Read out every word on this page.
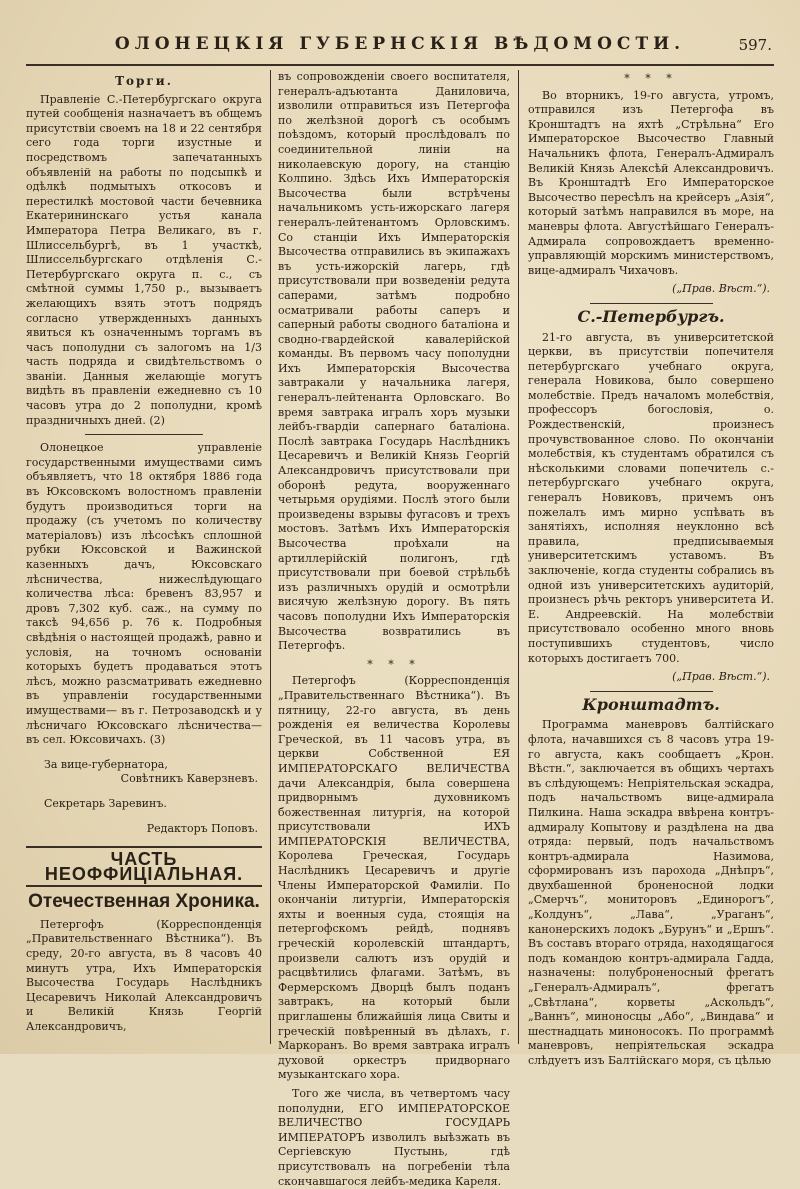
ОЛОНЕЦКІЯ ГУБЕРНСКІЯ ВѢДОМОСТИ.	597.
Торги.

Правленіе С.-Петербургскаго округа путей сообщенія назначаетъ въ общемъ присутствіи своемъ на 18 и 22 сентября сего года торги изустные и посредствомъ запечатанныхъ объявленій на работы по подсыпкѣ и одѣлкѣ подмытыхъ откосовъ и перестилкѣ мостовой части бечевника Екатерининскаго устья канала Императора Петра Великаго, въ г. Шлиссельбургѣ, въ 1 участкѣ, Шлиссельбургскаго отдѣленія С.-Петербургскаго округа п. с., съ смѣтной суммы 1,750 р., вызываетъ желающихъ взять этотъ подрядъ согласно утвержденныхъ данныхъ явиться къ означеннымъ торгамъ въ часъ пополудни съ залогомъ на 1/3 часть подряда и свидѣтельствомъ о званіи. Данныя желающіе могутъ видѣть въ правленіи ежедневно съ 10 часовъ утра до 2 пополудни, кромѣ праздничныхъ дней. (2)

Олонецкое управленіе государственными имуществами симъ объявляетъ, что 18 октября 1886 года въ Юксовскомъ волостномъ правленіи будутъ производиться торги на продажу (съ учетомъ по количеству матеріаловъ) изъ лѣсосѣкъ сплошной рубки Юксовской и Важинской казенныхъ дачъ, Юксовскаго лѣсничества, нижеслѣдующаго количества лѣса: бревенъ 83,957 и дровъ 7,302 куб. саж., на сумму по таксѣ 94,656 р. 76 к. Подробныя свѣдѣнія о настоящей продажѣ, равно и условія, на точномъ основаніи которыхъ будетъ продаваться этотъ лѣсъ, можно разсматривать ежедневно въ управленіи государственными имуществами— въ г. Петрозаводскѣ и у лѣсничаго Юксовскаго лѣсничества—въ сел. Юксовичахъ. (3)

За вице-губернатора,

Совѣтникъ Каверзневъ.

Секретарь Заревинъ.

Редакторъ Поповъ.

ЧАСТЬ НЕОФФИЦІАЛЬНАЯ.
Отечественная Хроника.

Петергофъ (Корреспонденція „Правительственнаго Вѣстника“). Въ среду, 20-го августа, въ 8 часовъ 40 минутъ утра, Ихъ Императорскія Высочества Государь Наслѣдникъ Цесаревичъ Николай Александровичъ и Великій Князь Георгій Александровичъ,

въ сопровожденіи своего воспитателя, генералъ-адъютанта Даниловича, изволили отправиться изъ Петергофа по желѣзной дорогѣ съ особымъ поѣздомъ, который прослѣдовалъ по соединительной линіи на николаевскую дорогу, на станцію Колпино. Здѣсь Ихъ Императорскія Высочества были встрѣчены начальникомъ усть-ижорскаго лагеря генералъ-лейтенантомъ Орловскимъ. Со станціи Ихъ Императорскія Высочества отправились въ экипажахъ въ усть-ижорскій лагерь, гдѣ присутствовали при возведеніи редута саперами, затѣмъ подробно осматривали работы саперъ и саперный работы сводного баталіона и сводно-гвардейской кавалерійской команды. Въ первомъ часу пополудни Ихъ Императорскія Высочества завтракали у начальника лагеря, генералъ-лейтенанта Орловскаго. Во время завтрака игралъ хоръ музыки лейбъ-гвардіи сапернаго баталіона. Послѣ завтрака Государь Наслѣдникъ Цесаревичъ и Великій Князь Георгій Александровичъ присутствовали при оборонѣ редута, вооруженнаго четырьмя орудіями. Послѣ этого были произведены взрывы фугасовъ и трехъ мостовъ. Затѣмъ Ихъ Императорскія Высочества проѣхали на артиллерійскій полигонъ, гдѣ присутствовали при боевой стрѣльбѣ изъ различныхъ орудій и осмотрѣли висячую желѣзную дорогу. Въ пять часовъ пополудни Ихъ Императорскія Высочества возвратились въ Петергофъ.

* * *

Петергофъ (Корреспонденція „Правительственнаго Вѣстника“). Въ пятницу, 22-го августа, въ день рожденія ея величества Королевы Греческой, въ 11 часовъ утра, въ церкви Собственной ЕЯ ИМПЕРАТОРСКАГО ВЕЛИЧЕСТВА дачи Александрія, была совершена придворнымъ духовникомъ божественная литургія, на которой присутствовали ИХЪ ИМПЕРАТОРСКІЯ ВЕЛИЧЕСТВА, Королева Греческая, Государь Наслѣдникъ Цесаревичъ и другіе Члены Императорской Фамиліи. По окончаніи литургіи, Императорскія яхты и военныя суда, стоящія на петергофскомъ рейдѣ, поднявъ греческій королевскій штандартъ, произвели салютъ изъ орудій и расцвѣтились флагами. Затѣмъ, въ Фермерскомъ Дворцѣ былъ поданъ завтракъ, на который были приглашены ближайшія лица Свиты и греческій повѣренный въ дѣлахъ, г. Маркоранъ. Во время завтрака игралъ духовой оркестръ придворнаго музыкантскаго хора.

Того же числа, въ четвертомъ часу пополудни, ЕГО ИМПЕРАТОРСКОЕ ВЕЛИЧЕСТВО ГОСУДАРЬ ИМПЕРАТОРЪ изволилъ выѣзжать въ Сергіевскую Пустынь, гдѣ присутствовалъ на погребеніи тѣла скончавшагося лейбъ-медика Кареля.

* * *

Во вторникъ, 19-го августа, утромъ, отправился изъ Петергофа въ Кронштадтъ на яхтѣ „Стрѣльна“ Его Императорское Высочество Главный Начальникъ флота, Генералъ-Адмиралъ Великій Князь Алексѣй Александровичъ. Въ Кронштадтѣ Его Императорское Высочество пересѣлъ на крейсеръ „Азія“, который затѣмъ направился въ море, на маневры флота. Августѣйшаго Генералъ-Адмирала сопровождаетъ временно-управляющій морскимъ министерствомъ, вице-адмиралъ Чихачовъ.

(„Прав. Вѣст.“).

С.-Петербургъ.

21-го августа, въ университетской церкви, въ присутствіи попечителя петербургскаго учебнаго округа, генерала Новикова, было совершено молебствіе. Предъ началомъ молебствія, профессоръ богословія, о. Рождественскій, произнесъ прочувствованное слово. По окончаніи молебствія, къ студентамъ обратился съ нѣсколькими словами попечитель с.-петербургскаго учебнаго округа, генералъ Новиковъ, причемъ онъ пожелалъ имъ мирно успѣвать въ занятіяхъ, исполняя неуклонно всѣ правила, предписываемыя университетскимъ уставомъ. Въ заключеніе, когда студенты собрались въ одной изъ университетскихъ аудиторій, произнесъ рѣчь ректоръ университета И. Е. Андреевскій. На молебствіи присутствовало особенно много вновь поступившихъ студентовъ, число которыхъ достигаетъ 700.

(„Прав. Вѣст.“).

Кронштадтъ.

Программа маневровъ балтійскаго флота, начавшихся съ 8 часовъ утра 19-го августа, какъ сообщаетъ „Крон. Вѣстн.“, заключается въ общихъ чертахъ въ слѣдующемъ: Непріятельская эскадра, подъ начальствомъ вице-адмирала Пилкина. Наша эскадра ввѣрена контръ-адмиралу Копытову и раздѣлена на два отряда: первый, подъ начальствомъ контръ-адмирала Назимова, сформированъ изъ парохода „Днѣпръ“, двухбашенной броненосной лодки „Смерчъ“, мониторовъ „Единорогъ“, „Колдунъ“, „Лава“, „Ураганъ“, канонерскихъ лодокъ „Бурунъ“ и „Ершъ“. Въ составъ втораго отряда, находящагося подъ командою контръ-адмирала Гадда, назначены: полуброненосный фрегатъ „Генералъ-Адмиралъ“, фрегатъ „Свѣтлана“, корветы „Аскольдъ“, „Ваннъ“, миноносцы „Або“, „Виндава“ и шестнадцать миноносокъ. По программѣ маневровъ, непріятельская эскадра слѣдуетъ изъ Балтійскаго моря, съ цѣлью
